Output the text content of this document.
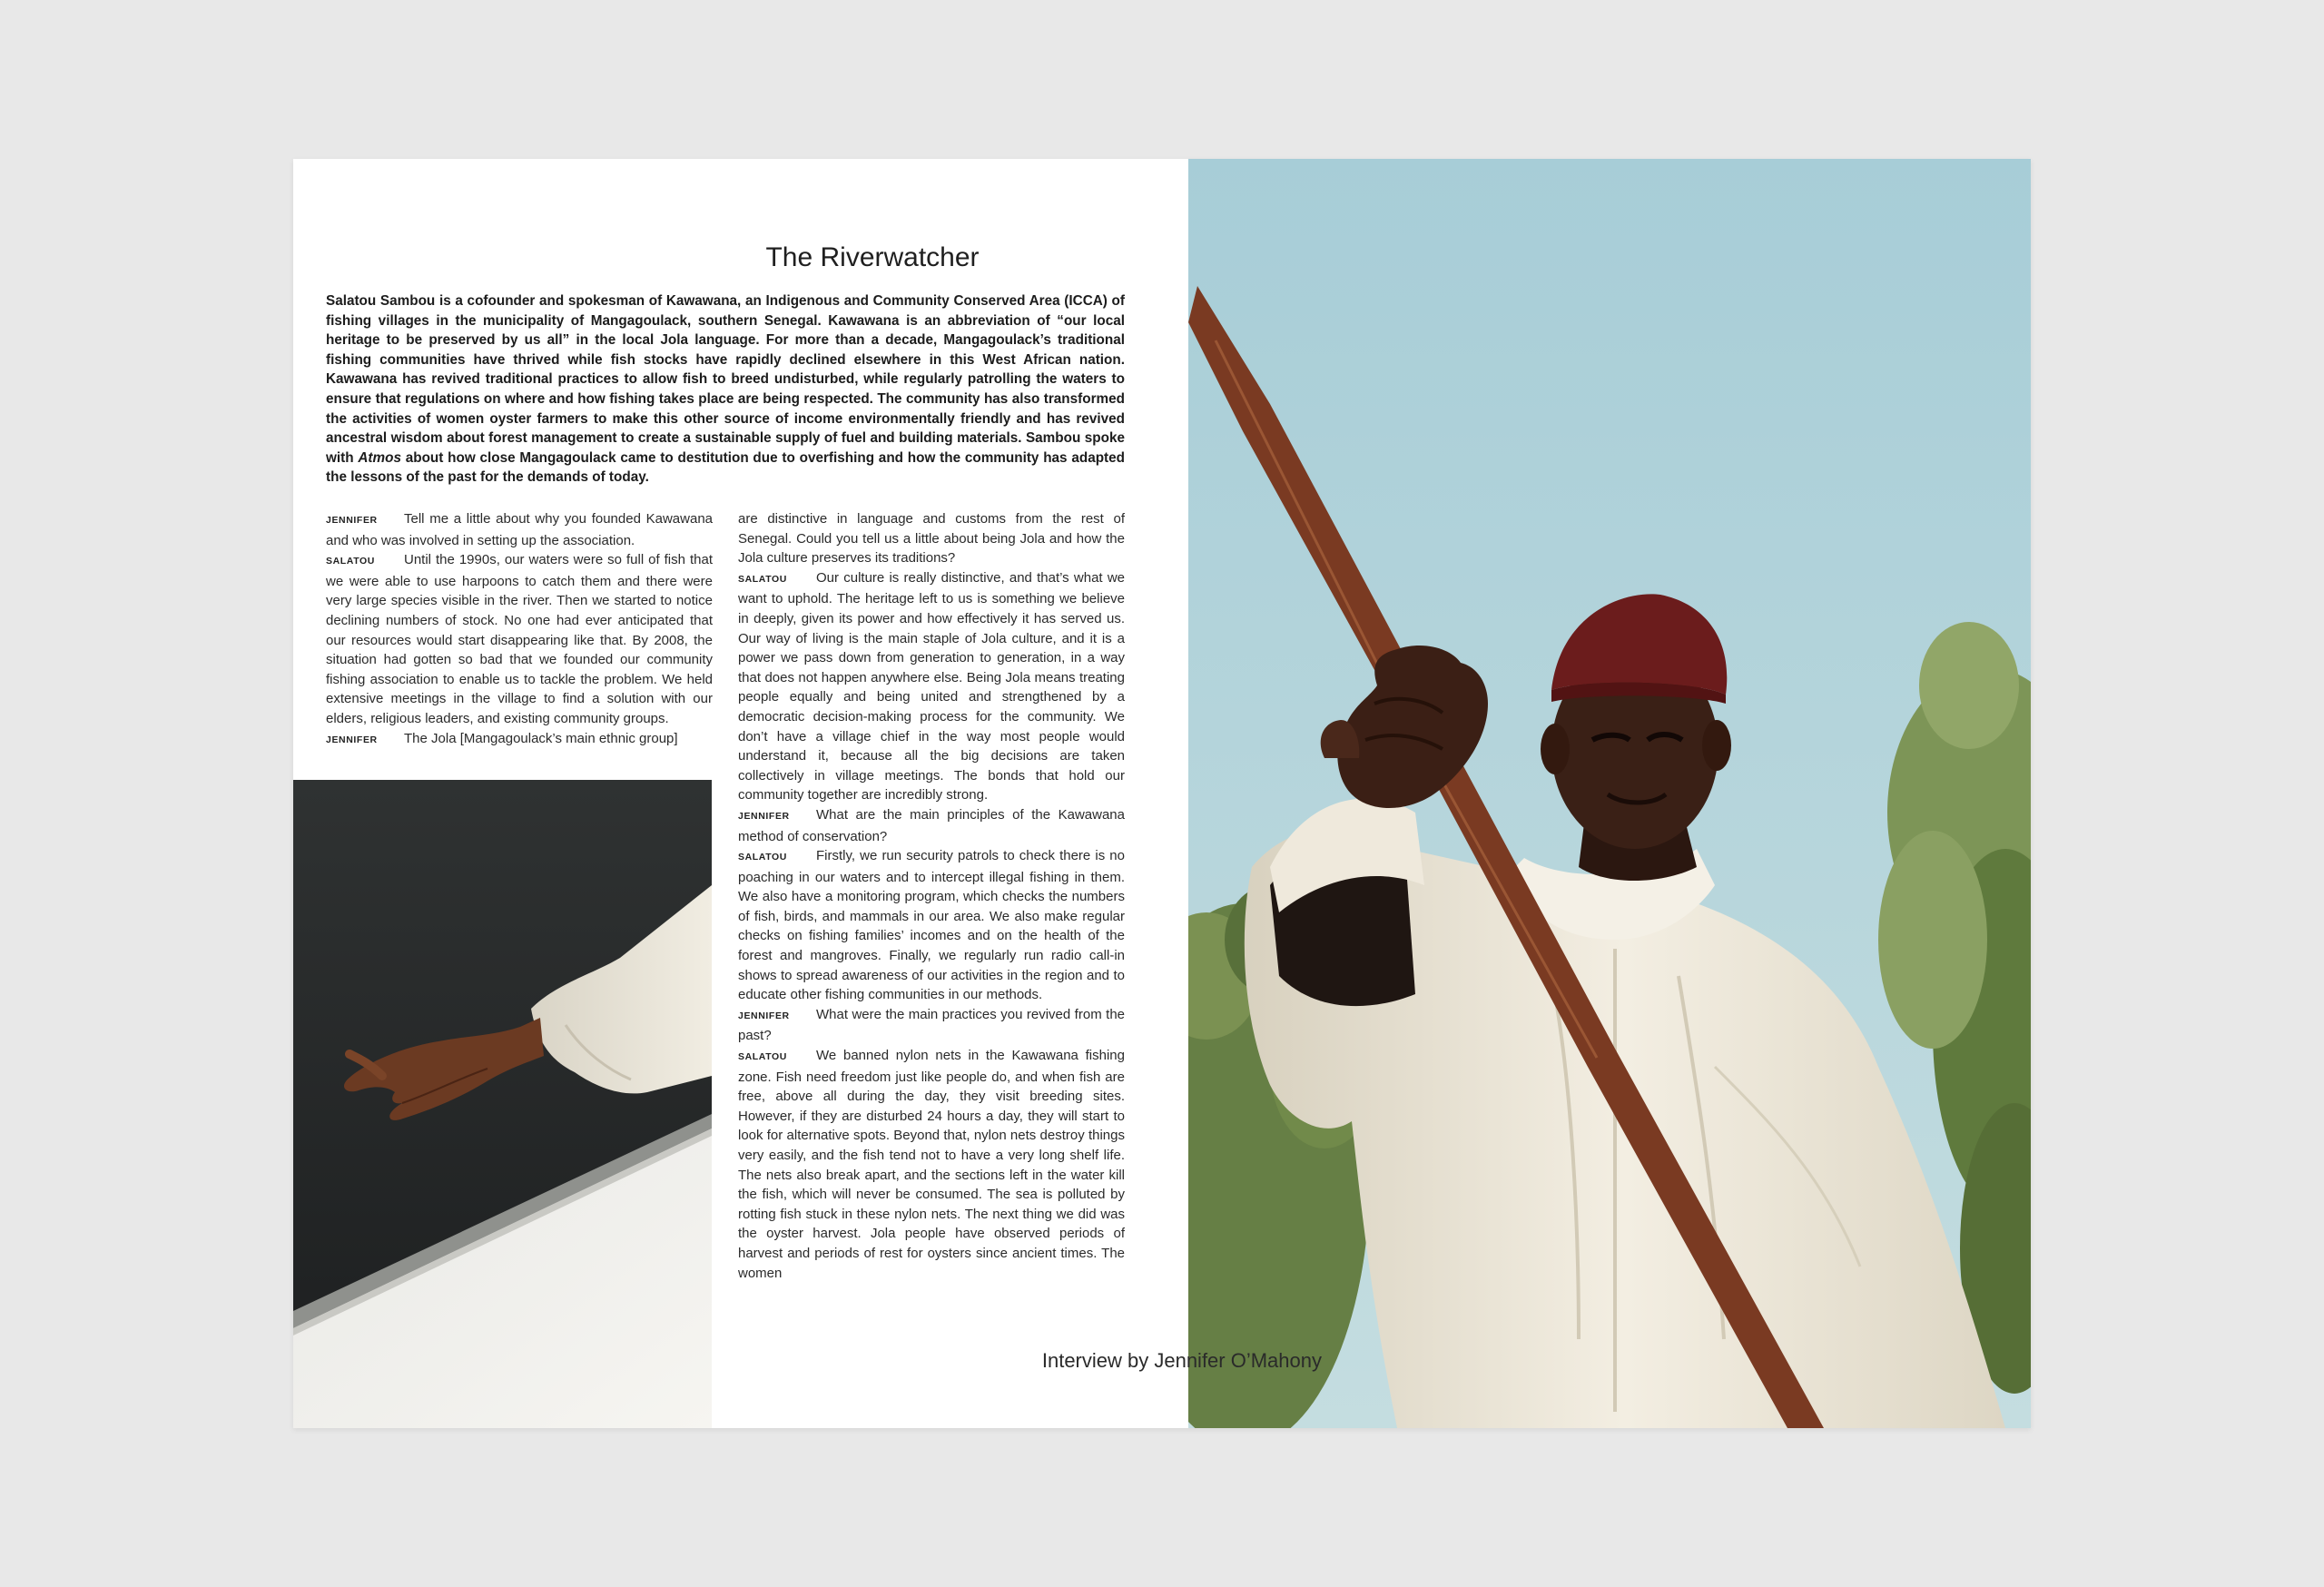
The Riverwatcher

Salatou Sambou is a cofounder and spokesman of Kawawana, an Indigenous and Community Conserved Area (ICCA) of fishing villages in the municipality of Mangagoulack, southern Senegal. Kawawana is an abbreviation of “our local heritage to be preserved by us all” in the local Jola language. For more than a decade, Mangagoulack’s traditional fishing communities have thrived while fish stocks have rapidly declined elsewhere in this West African nation. Kawawana has revived traditional practices to allow fish to breed undisturbed, while regularly patrolling the waters to ensure that regulations on where and how fishing takes place are being respected. The community has also transformed the activities of women oyster farmers to make this other source of income environmentally friendly and has revived ancestral wisdom about forest management to create a sustainable supply of fuel and building materials. Sambou spoke with Atmos about how close Mangagoulack came to destitution due to overfishing and how the community has adapted the lessons of the past for the demands of today.

JENNIFER Tell me a little about why you founded Kawawana and who was involved in setting up the association.

SALATOU Until the 1990s, our waters were so full of fish that we were able to use harpoons to catch them and there were very large species visible in the river. Then we started to notice declining numbers of stock. No one had ever anticipated that our resources would start disappearing like that. By 2008, the situation had gotten so bad that we founded our community fishing association to enable us to tackle the problem. We held extensive meetings in the village to find a solution with our elders, religious leaders, and existing community groups.

JENNIFER The Jola [Mangagoulack’s main ethnic group]

are distinctive in language and customs from the rest of Senegal. Could you tell us a little about being Jola and how the Jola culture preserves its traditions?

SALATOU Our culture is really distinctive, and that’s what we want to uphold. The heritage left to us is something we believe in deeply, given its power and how effectively it has served us. Our way of living is the main staple of Jola culture, and it is a power we pass down from generation to generation, in a way that does not happen anywhere else. Being Jola means treating people equally and being united and strengthened by a democratic decision-making process for the community. We don’t have a village chief in the way most people would understand it, because all the big decisions are taken collectively in village meetings. The bonds that hold our community together are incredibly strong.

JENNIFER What are the main principles of the Kawawana method of conservation?

SALATOU Firstly, we run security patrols to check there is no poaching in our waters and to intercept illegal fishing in them. We also have a monitoring program, which checks the numbers of fish, birds, and mammals in our area. We also make regular checks on fishing families’ incomes and on the health of the forest and mangroves. Finally, we regularly run radio call-in shows to spread awareness of our activities in the region and to educate other fishing communities in our methods.

JENNIFER What were the main practices you revived from the past?

SALATOU We banned nylon nets in the Kawawana fishing zone. Fish need freedom just like people do, and when fish are free, above all during the day, they visit breeding sites. However, if they are disturbed 24 hours a day, they will start to look for alternative spots. Beyond that, nylon nets destroy things very easily, and the fish tend not to have a very long shelf life. The nets also break apart, and the sections left in the water kill the fish, which will never be consumed. The sea is polluted by rotting fish stuck in these nylon nets. The next thing we did was the oyster harvest. Jola people have observed periods of harvest and periods of rest for oysters since ancient times. The women

Interview by Jennifer O’Mahony
